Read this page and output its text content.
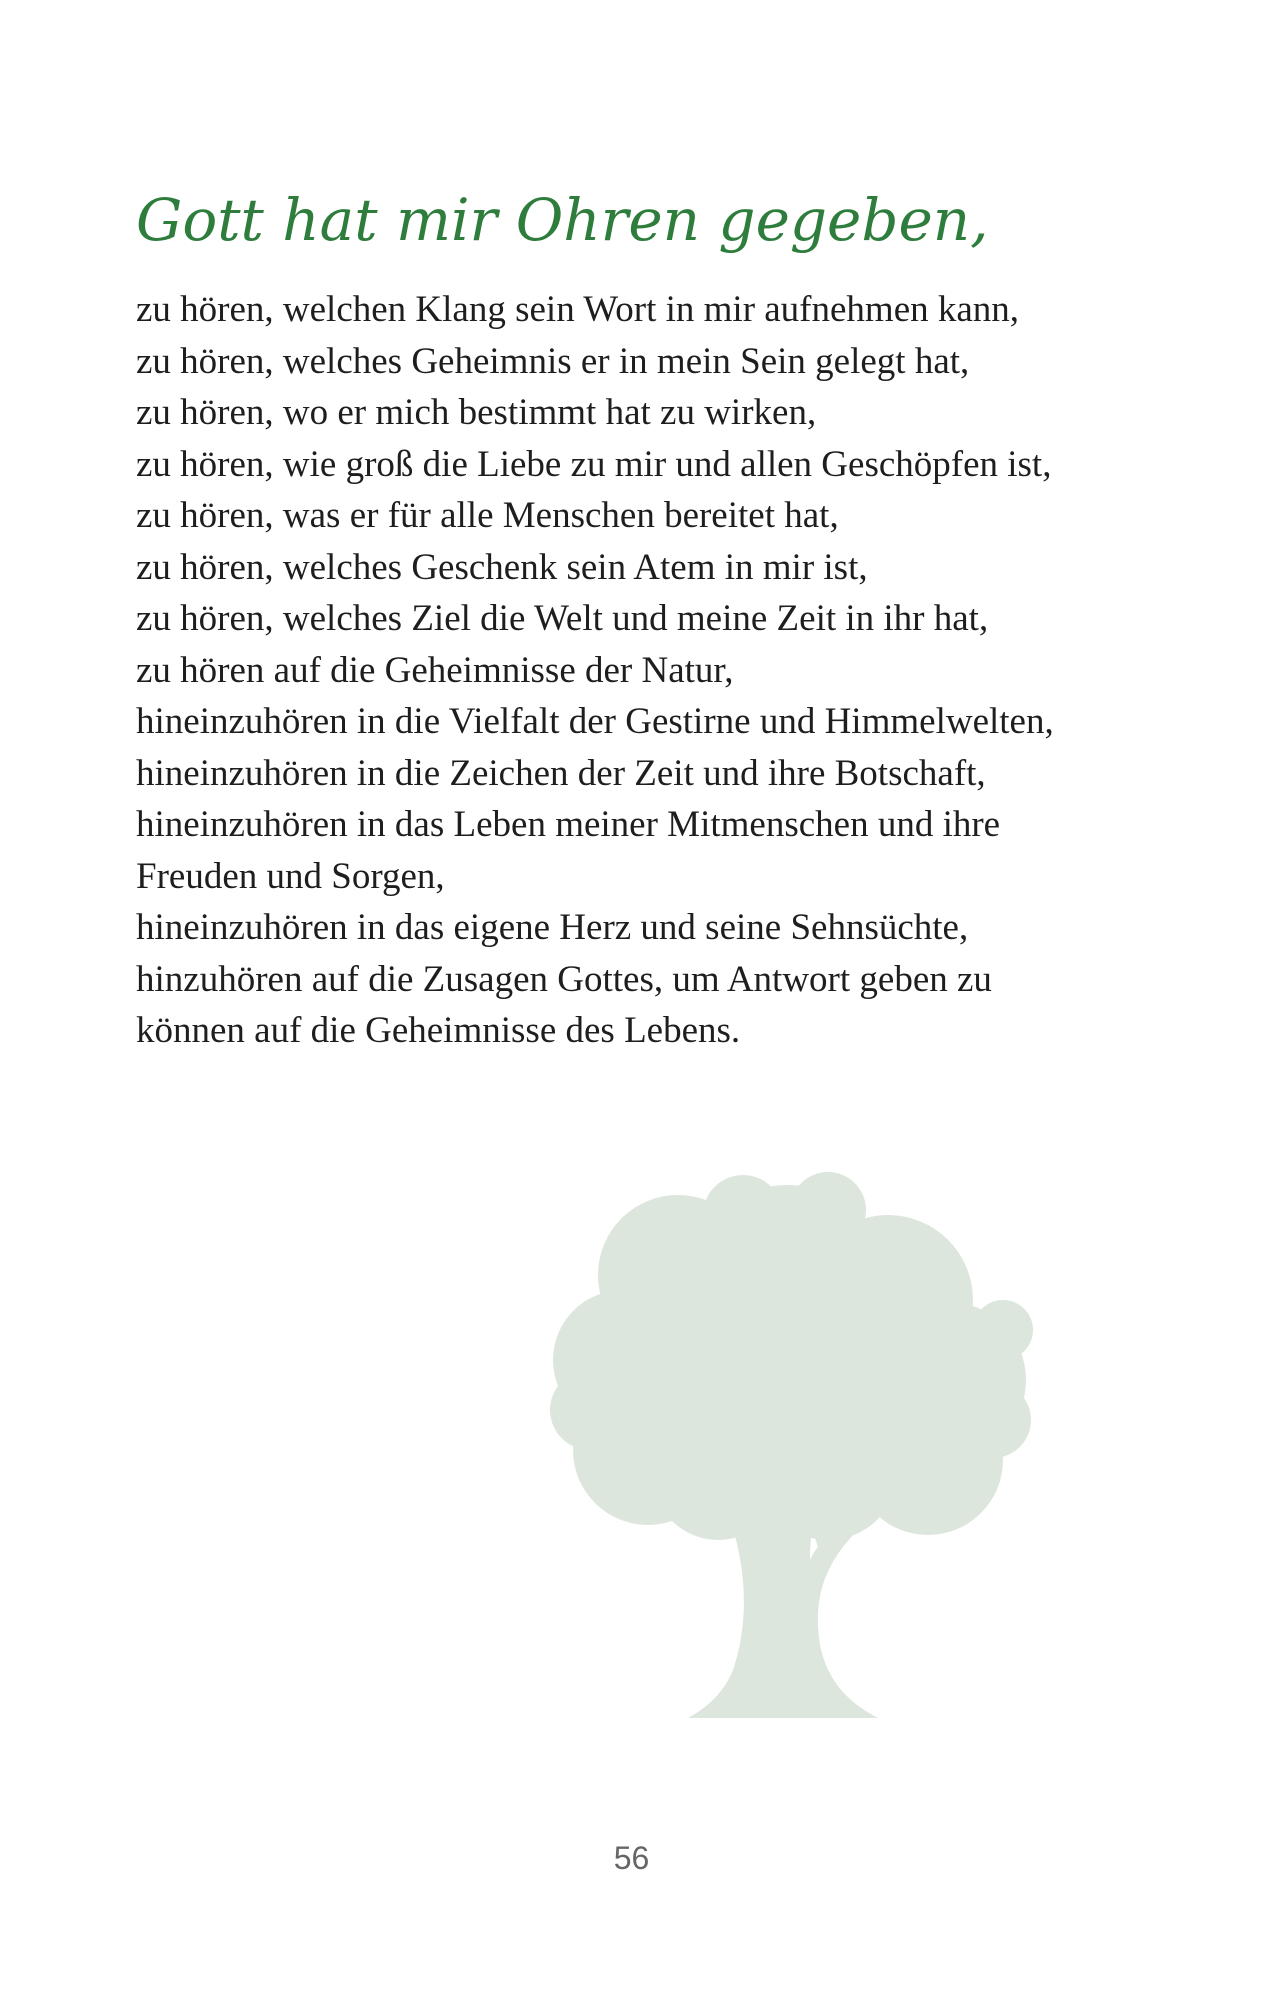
Gott hat mir Ohren gegeben,
zu hören, welchen Klang sein Wort in mir aufnehmen kann,
zu hören, welches Geheimnis er in mein Sein gelegt hat,
zu hören, wo er mich bestimmt hat zu wirken,
zu hören, wie groß die Liebe zu mir und allen Geschöpfen ist,
zu hören, was er für alle Menschen bereitet hat,
zu hören, welches Geschenk sein Atem in mir ist,
zu hören, welches Ziel die Welt und meine Zeit in ihr hat,
zu hören auf die Geheimnisse der Natur,
hineinzuhören in die Vielfalt der Gestirne und Himmelwelten,
hineinzuhören in die Zeichen der Zeit und ihre Botschaft,
hineinzuhören in das Leben meiner Mitmenschen und ihre
Freuden und Sorgen,
hineinzuhören in das eigene Herz und seine Sehnsüchte,
hinzuhören auf die Zusagen Gottes, um Antwort geben zu
können auf die Geheimnisse des Lebens.
56
